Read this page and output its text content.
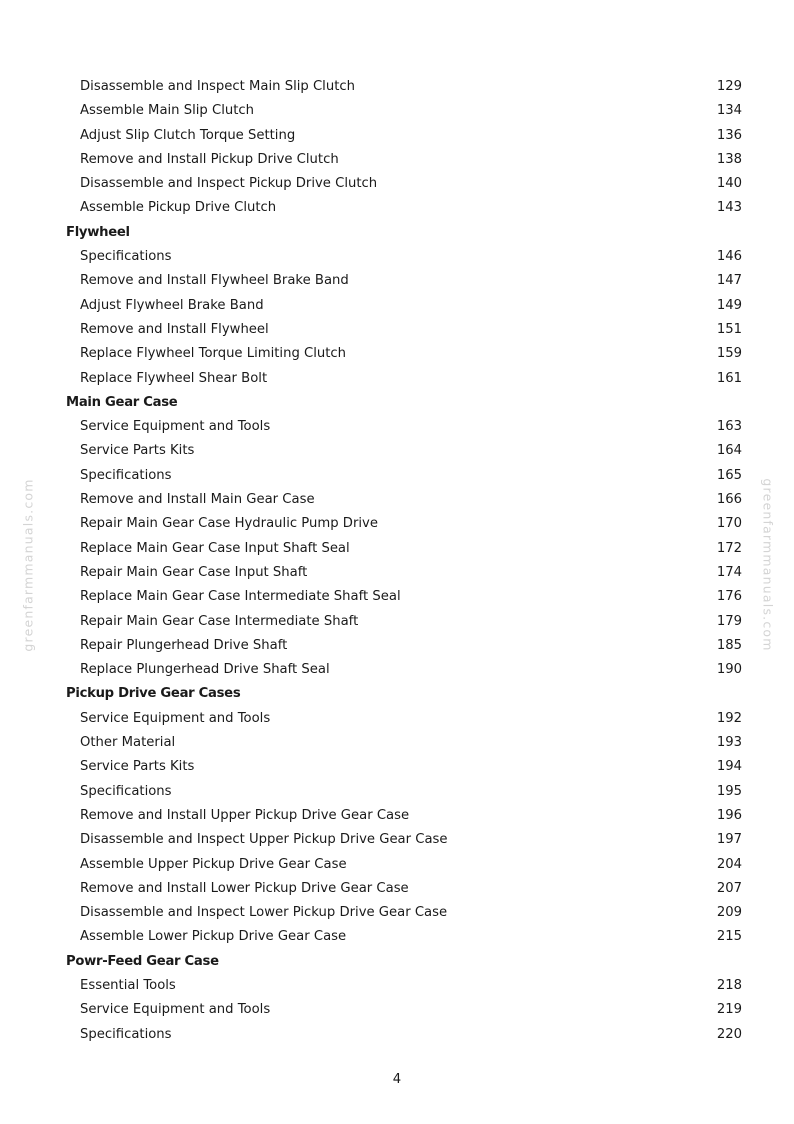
greenfarmmanuals.com	greenfarmmanuals.com
Disassemble and Inspect Main Slip Clutch	129
Assemble Main Slip Clutch	134
Adjust Slip Clutch Torque Setting	136
Remove and Install Pickup Drive Clutch	138
Disassemble and Inspect Pickup Drive Clutch	140
Assemble Pickup Drive Clutch	143
Flywheel
Specifications	146
Remove and Install Flywheel Brake Band	147
Adjust Flywheel Brake Band	149
Remove and Install Flywheel	151
Replace Flywheel Torque Limiting Clutch	159
Replace Flywheel Shear Bolt	161
Main Gear Case
Service Equipment and Tools	163
Service Parts Kits	164
Specifications	165
Remove and Install Main Gear Case	166
Repair Main Gear Case Hydraulic Pump Drive	170
Replace Main Gear Case Input Shaft Seal	172
Repair Main Gear Case Input Shaft	174
Replace Main Gear Case Intermediate Shaft Seal	176
Repair Main Gear Case Intermediate Shaft	179
Repair Plungerhead Drive Shaft	185
Replace Plungerhead Drive Shaft Seal	190
Pickup Drive Gear Cases
Service Equipment and Tools	192
Other Material	193
Service Parts Kits	194
Specifications	195
Remove and Install Upper Pickup Drive Gear Case	196
Disassemble and Inspect Upper Pickup Drive Gear Case	197
Assemble Upper Pickup Drive Gear Case	204
Remove and Install Lower Pickup Drive Gear Case	207
Disassemble and Inspect Lower Pickup Drive Gear Case	209
Assemble Lower Pickup Drive Gear Case	215
Powr-Feed Gear Case
Essential Tools	218
Service Equipment and Tools	219
Specifications	220
4
